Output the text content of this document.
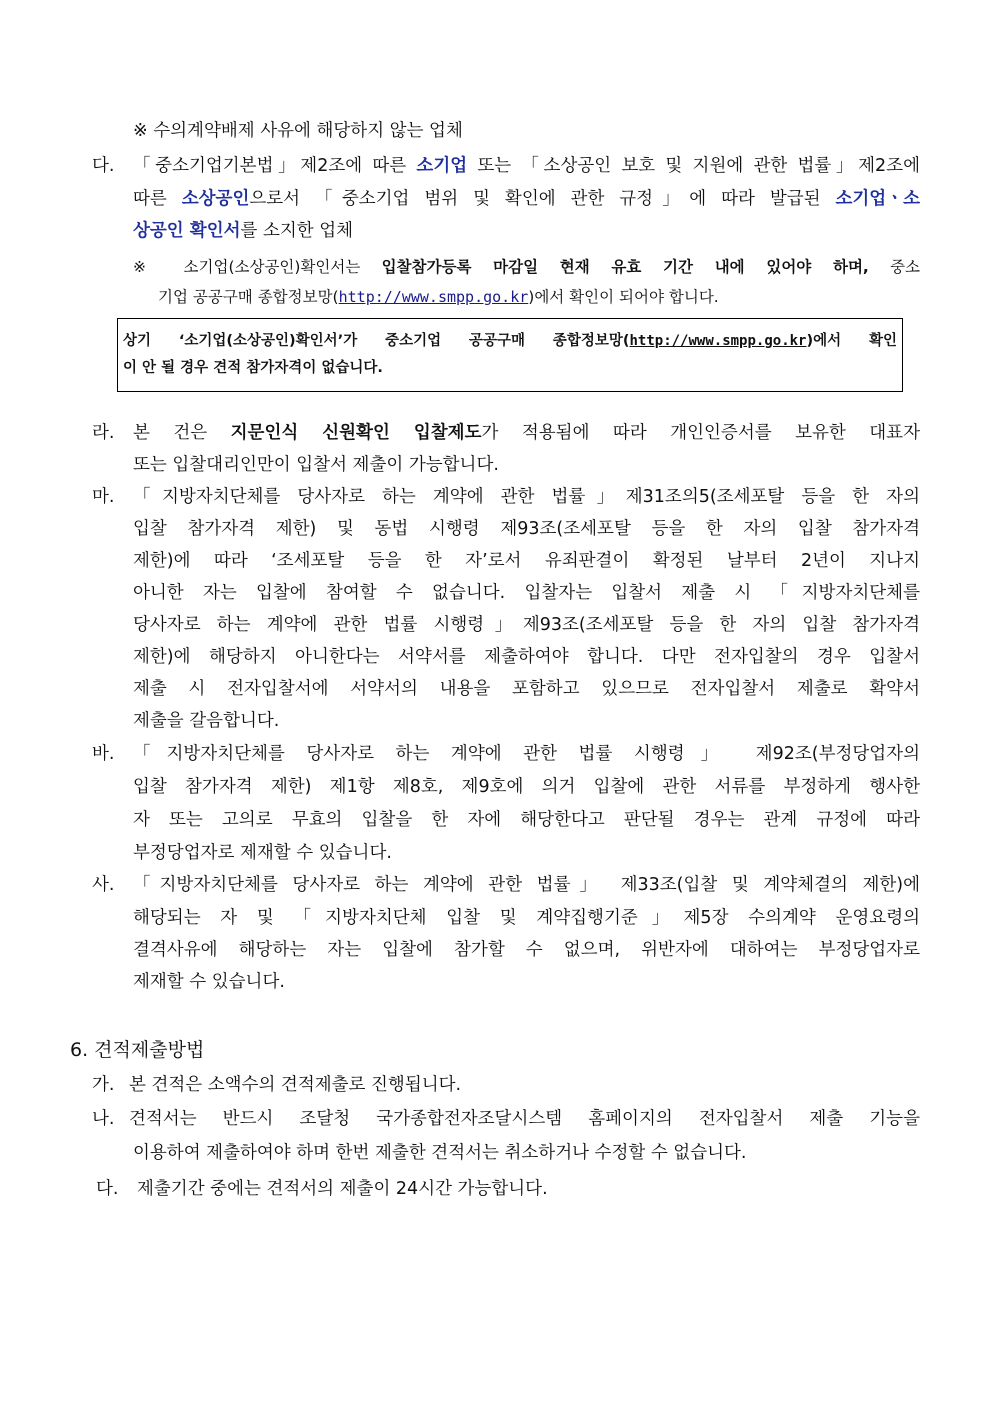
※ 수의계약배제 사유에 해당하지 않는 업체
다. 「중소기업기본법」제2조에 따른 소기업 또는 「소상공인 보호 및 지원에 관한 법률」제2조에
따른 소상공인으로서 「중소기업 범위 및 확인에 관한 규정」에 따라 발급된 소기업ㆍ소
상공인 확인서를 소지한 업체
※ 소기업(소상공인)확인서는 입찰참가등록 마감일 현재 유효 기간 내에 있어야 하며, 중소
기업 공공구매 종합정보망(http://www.smpp.go.kr)에서 확인이 되어야 합니다.
상기 ‘소기업(소상공인)확인서’가 중소기업 공공구매 종합정보망(http://www.smpp.go.kr)에서 확인
이 안 될 경우 견적 참가자격이 없습니다.
라. 본 건은 지문인식 신원확인 입찰제도가 적용됨에 따라 개인인증서를 보유한 대표자
또는 입찰대리인만이 입찰서 제출이 가능합니다.
마. 「지방자치단체를 당사자로 하는 계약에 관한 법률」제31조의5(조세포탈 등을 한 자의
입찰 참가자격 제한) 및 동법 시행령 제93조(조세포탈 등을 한 자의 입찰 참가자격
제한)에 따라 ‘조세포탈 등을 한 자’로서 유죄판결이 확정된 날부터 2년이 지나지
아니한 자는 입찰에 참여할 수 없습니다. 입찰자는 입찰서 제출 시 「지방자치단체를
당사자로 하는 계약에 관한 법률 시행령」제93조(조세포탈 등을 한 자의 입찰 참가자격
제한)에 해당하지 아니한다는 서약서를 제출하여야 합니다. 다만 전자입찰의 경우 입찰서
제출 시 전자입찰서에 서약서의 내용을 포함하고 있으므로 전자입찰서 제출로 확약서
제출을 갈음합니다.
바. 「지방자치단체를 당사자로 하는 계약에 관한 법률 시행령」 제92조(부정당업자의
입찰 참가자격 제한) 제1항 제8호, 제9호에 의거 입찰에 관한 서류를 부정하게 행사한
자 또는 고의로 무효의 입찰을 한 자에 해당한다고 판단될 경우는 관계 규정에 따라
부정당업자로 제재할 수 있습니다.
사. 「지방자치단체를 당사자로 하는 계약에 관한 법률」 제33조(입찰 및 계약체결의 제한)에
해당되는 자 및 「지방자치단체 입찰 및 계약집행기준」제5장 수의계약 운영요령의
결격사유에 해당하는 자는 입찰에 참가할 수 없으며, 위반자에 대하여는 부정당업자로
제재할 수 있습니다.
6. 견적제출방법
가. 본 견적은 소액수의 견적제출로 진행됩니다.
나. 견적서는 반드시 조달청 국가종합전자조달시스템 홈페이지의 전자입찰서 제출 기능을
이용하여 제출하여야 하며 한번 제출한 견적서는 취소하거나 수정할 수 없습니다.
다. 제출기간 중에는 견적서의 제출이 24시간 가능합니다.
